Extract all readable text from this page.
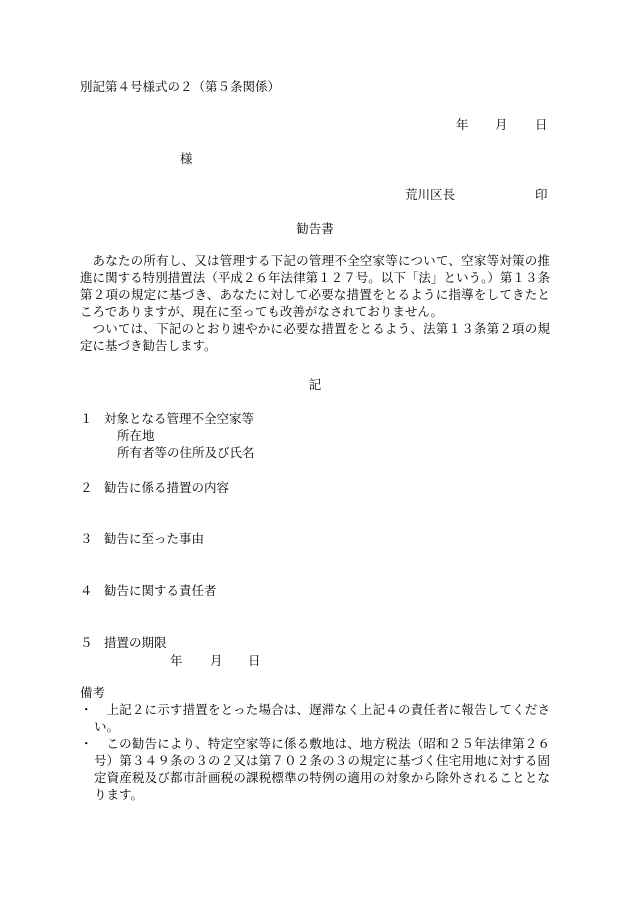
別記第４号様式の２（第５条関係）
年 月 日
様
荒川区長	印
勧告書

あなたの所有し、又は管理する下記の管理不全空家等について、空家等対策の推進に関する特別措置法（平成２６年法律第１２７号。以下「法」という。）第１３条第２項の規定に基づき、あなたに対して必要な措置をとるように指導をしてきたところでありますが、現在に至っても改善がなされておりません。

ついては、下記のとおり速やかに必要な措置をとるよう、法第１３条第２項の規定に基づき勧告します。

記
１ 対象となる管理不全空家等
所在地
所有者等の住所及び氏名
２ 勧告に係る措置の内容
３ 勧告に至った事由
４ 勧告に関する責任者
５ 措置の期限
年 月 日
備考
・	上記２に示す措置をとった場合は、遅滞なく上記４の責任者に報告してください。
・	この勧告により、特定空家等に係る敷地は、地方税法（昭和２５年法律第２６号）第３４９条の３の２又は第７０２条の３の規定に基づく住宅用地に対する固定資産税及び都市計画税の課税標準の特例の適用の対象から除外されることとなります。
